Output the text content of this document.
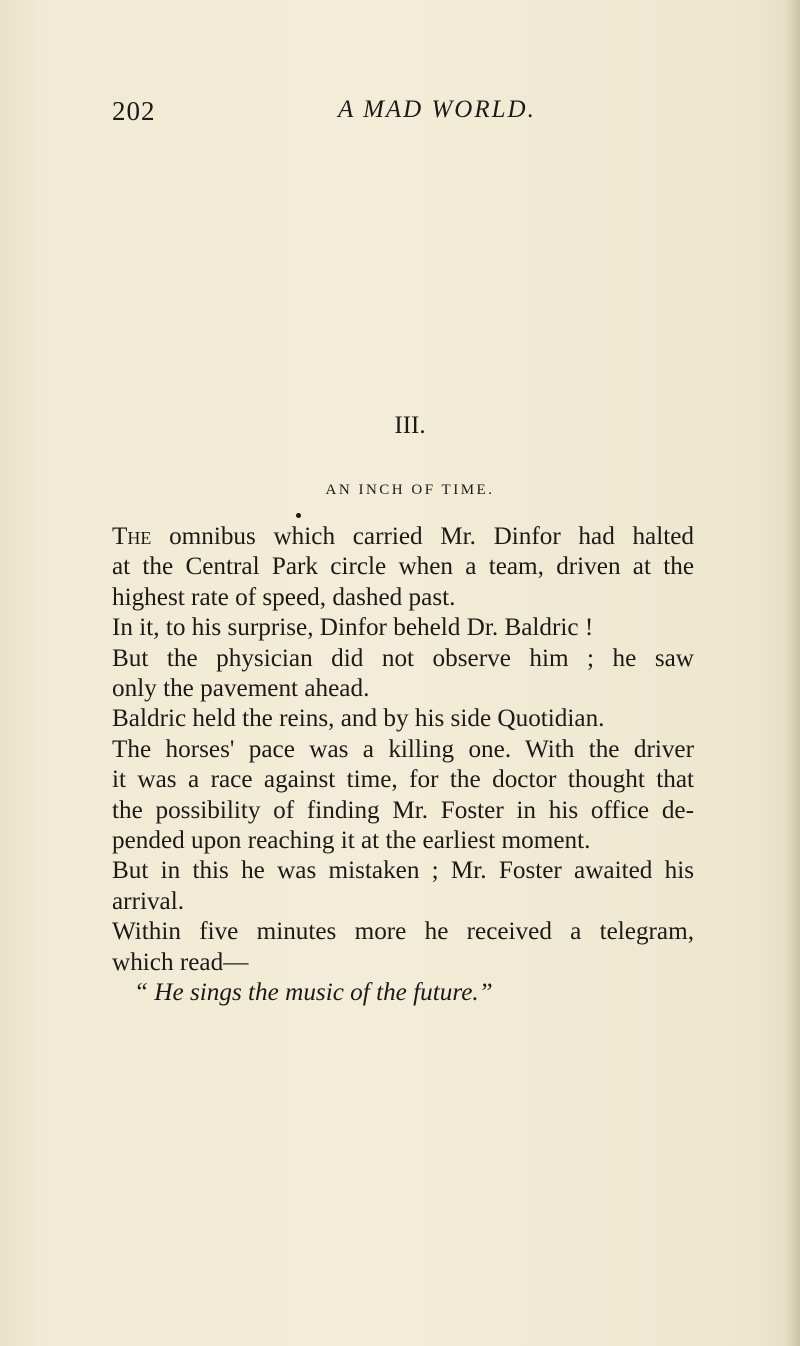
202	A MAD WORLD.
III.
AN INCH OF TIME.
The omnibus which carried Mr. Dinfor had halted
at the Central Park circle when a team, driven at the
highest rate of speed, dashed past.
In it, to his surprise, Dinfor beheld Dr. Baldric !
But the physician did not observe him ; he saw
only the pavement ahead.
Baldric held the reins, and by his side Quotidian.
The horses' pace was a killing one. With the driver
it was a race against time, for the doctor thought that
the possibility of finding Mr. Foster in his office de-
pended upon reaching it at the earliest moment.
But in this he was mistaken ; Mr. Foster awaited his
arrival.
Within five minutes more he received a telegram,
which read—
“ He sings the music of the future.”
